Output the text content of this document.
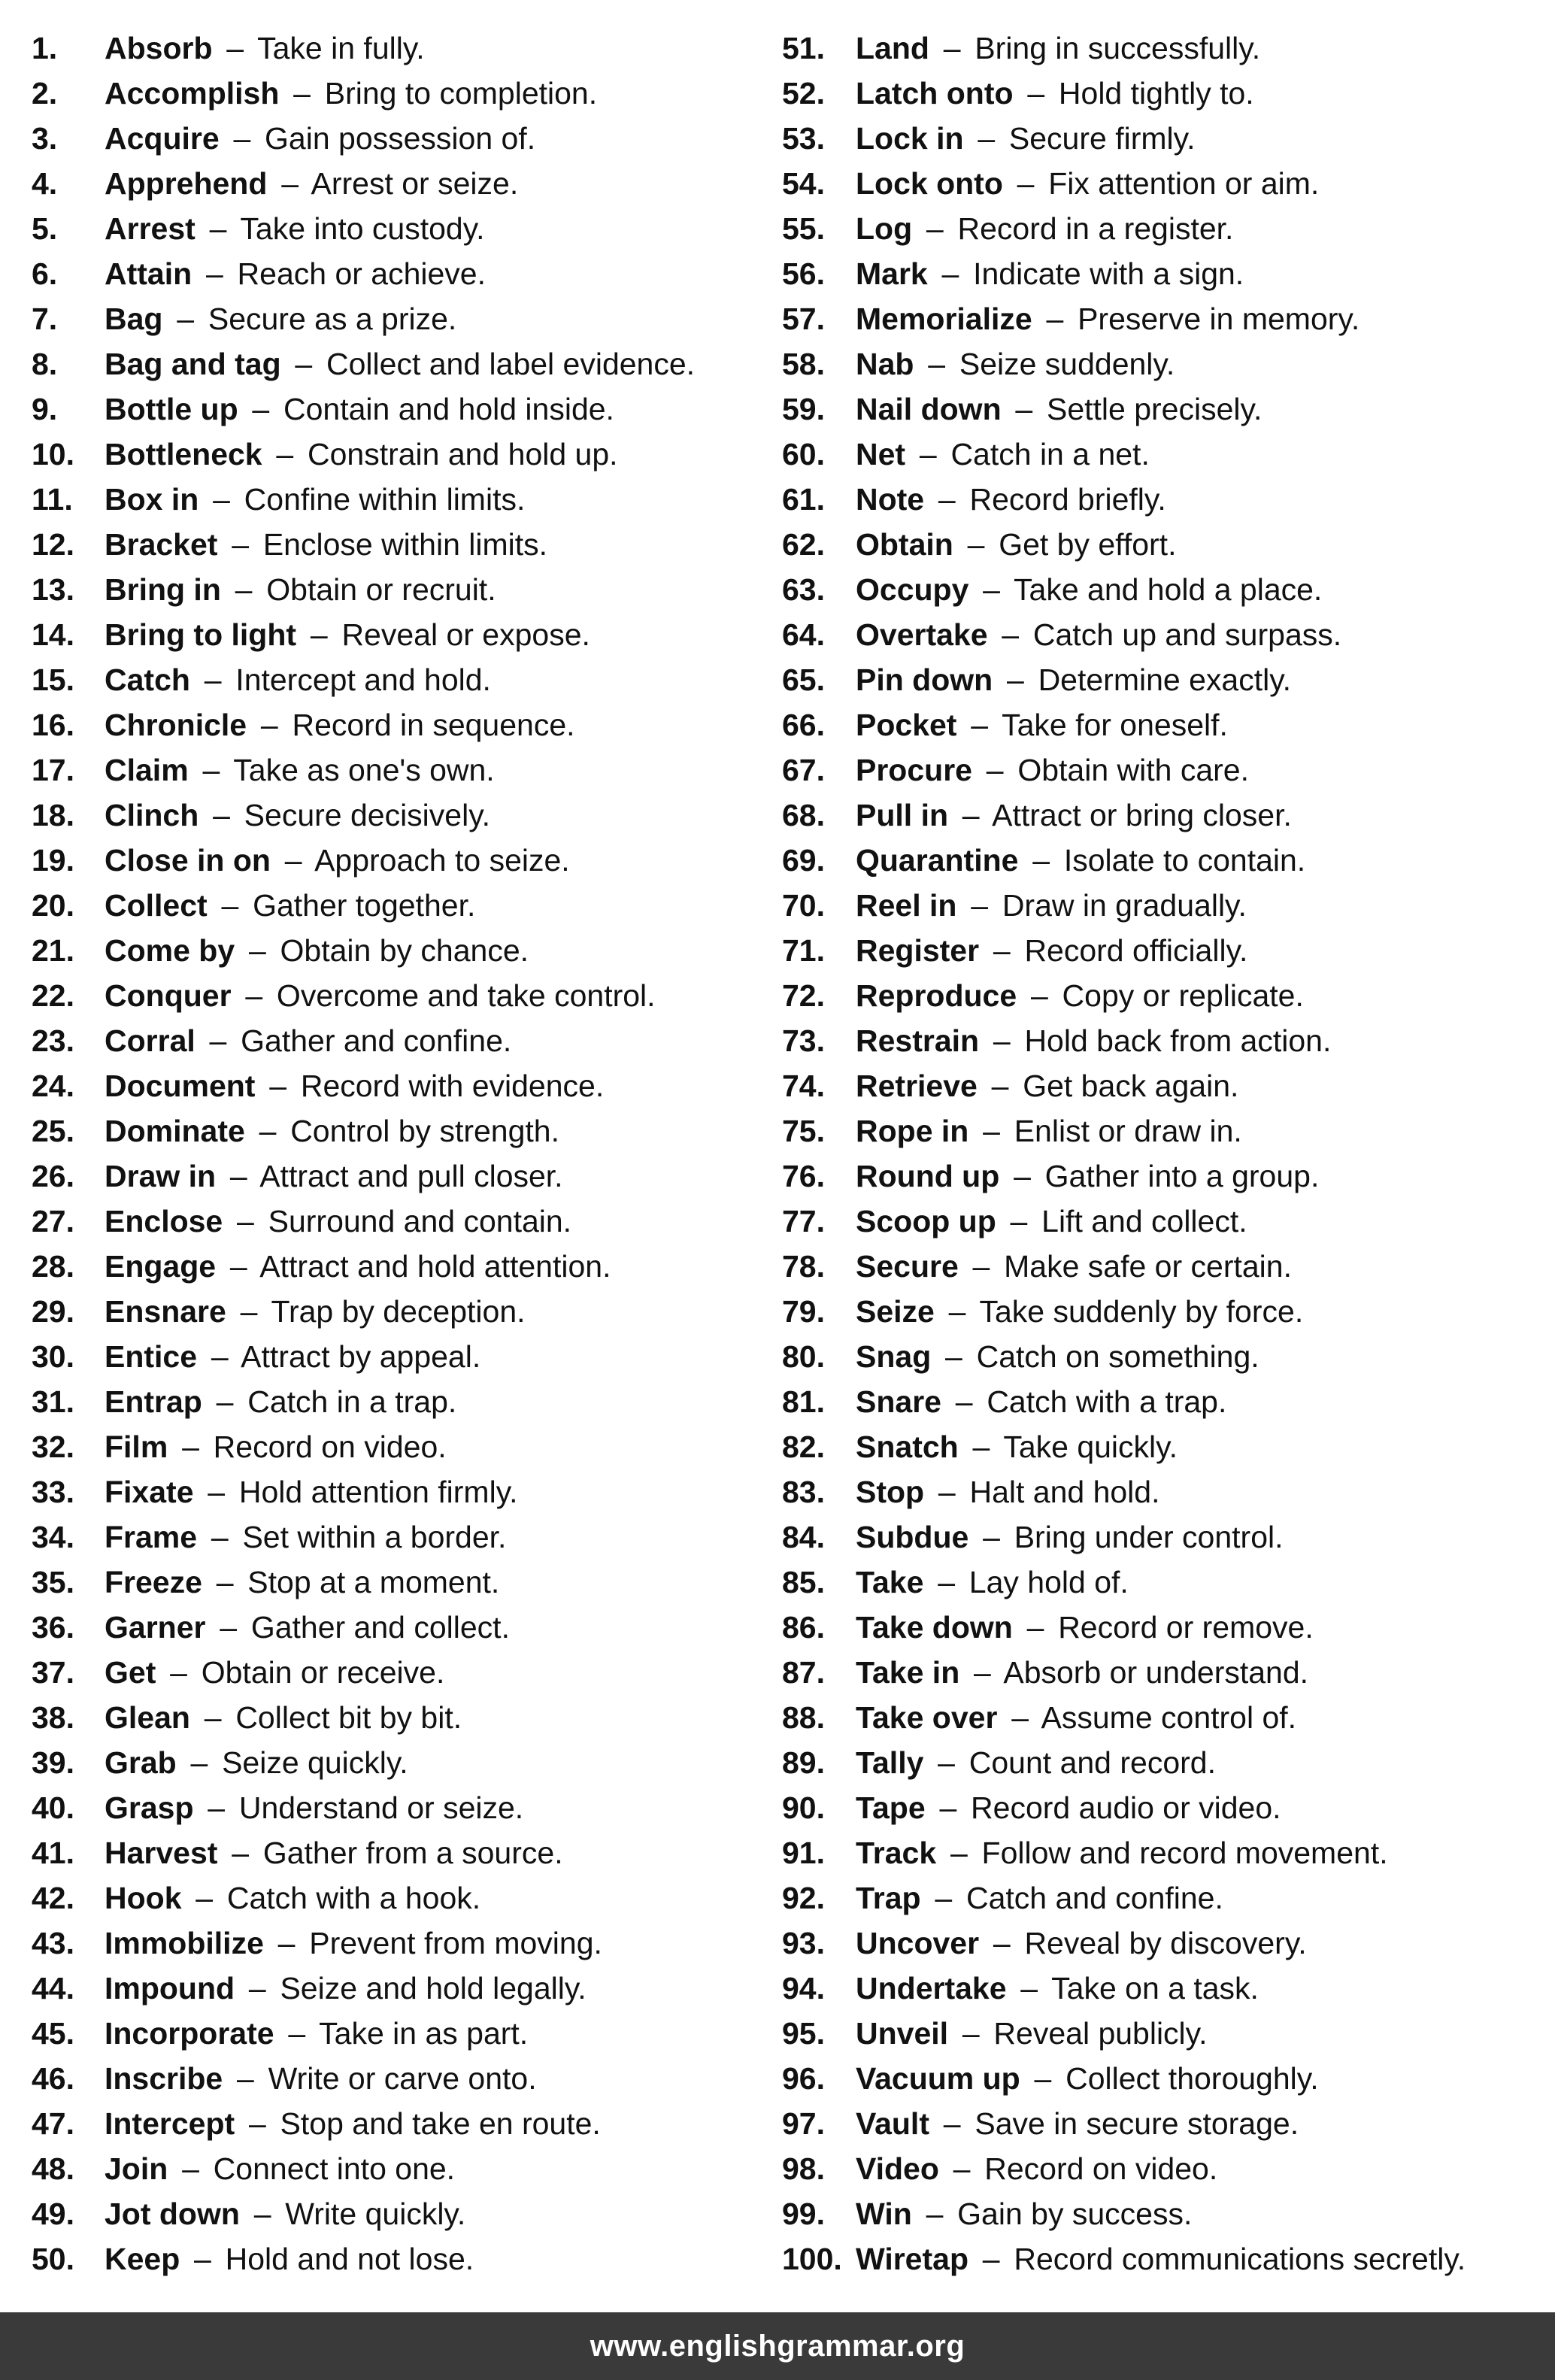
1.	Absorb – Take in fully.
2.	Accomplish – Bring to completion.
3.	Acquire – Gain possession of.
4.	Apprehend – Arrest or seize.
5.	Arrest – Take into custody.
6.	Attain – Reach or achieve.
7.	Bag – Secure as a prize.
8.	Bag and tag – Collect and label evidence.
9.	Bottle up – Contain and hold inside.
10. Bottleneck – Constrain and hold up.
11.	Box in – Confine within limits.
12. Bracket – Enclose within limits.
13. Bring in – Obtain or recruit.
14. Bring to light – Reveal or expose.
15. Catch – Intercept and hold.
16. Chronicle – Record in sequence.
17. Claim – Take as one's own.
18. Clinch – Secure decisively.
19. Close in on – Approach to seize.
20. Collect – Gather together.
21. Come by – Obtain by chance.
22. Conquer – Overcome and take control.
23. Corral – Gather and confine.
24. Document – Record with evidence.
25. Dominate – Control by strength.
26. Draw in – Attract and pull closer.
27. Enclose – Surround and contain.
28. Engage – Attract and hold attention.
29. Ensnare – Trap by deception.
30. Entice – Attract by appeal.
31. Entrap – Catch in a trap.
32. Film – Record on video.
33. Fixate – Hold attention firmly.
34. Frame – Set within a border.
35. Freeze – Stop at a moment.
36. Garner – Gather and collect.
37. Get – Obtain or receive.
38. Glean – Collect bit by bit.
39. Grab – Seize quickly.
40. Grasp – Understand or seize.
41. Harvest – Gather from a source.
42. Hook – Catch with a hook.
43. Immobilize – Prevent from moving.
44. Impound – Seize and hold legally.
45. Incorporate – Take in as part.
46. Inscribe – Write or carve onto.
47. Intercept – Stop and take en route.
48. Join – Connect into one.
49. Jot down – Write quickly.
50. Keep – Hold and not lose.
51.	Land – Bring in successfully.
52.	Latch onto – Hold tightly to.
53.	Lock in – Secure firmly.
54.	Lock onto – Fix attention or aim.
55.	Log – Record in a register.
56.	Mark – Indicate with a sign.
57.	Memorialize – Preserve in memory.
58.	Nab – Seize suddenly.
59.	Nail down – Settle precisely.
60.	Net – Catch in a net.
61.	Note – Record briefly.
62.	Obtain – Get by effort.
63.	Occupy – Take and hold a place.
64.	Overtake – Catch up and surpass.
65.	Pin down – Determine exactly.
66.	Pocket – Take for oneself.
67.	Procure – Obtain with care.
68.	Pull in – Attract or bring closer.
69.	Quarantine – Isolate to contain.
70.	Reel in – Draw in gradually.
71.	Register – Record officially.
72.	Reproduce – Copy or replicate.
73.	Restrain – Hold back from action.
74.	Retrieve – Get back again.
75.	Rope in – Enlist or draw in.
76.	Round up – Gather into a group.
77.	Scoop up – Lift and collect.
78.	Secure – Make safe or certain.
79.	Seize – Take suddenly by force.
80.	Snag – Catch on something.
81.	Snare – Catch with a trap.
82.	Snatch – Take quickly.
83.	Stop – Halt and hold.
84.	Subdue – Bring under control.
85.	Take – Lay hold of.
86.	Take down – Record or remove.
87.	Take in – Absorb or understand.
88.	Take over – Assume control of.
89.	Tally – Count and record.
90.	Tape – Record audio or video.
91.	Track – Follow and record movement.
92.	Trap – Catch and confine.
93.	Uncover – Reveal by discovery.
94.	Undertake – Take on a task.
95.	Unveil – Reveal publicly.
96.	Vacuum up – Collect thoroughly.
97.	Vault – Save in secure storage.
98.	Video – Record on video.
99.	Win – Gain by success.
100. Wiretap – Record communications secretly.
www.englishgrammar.org
